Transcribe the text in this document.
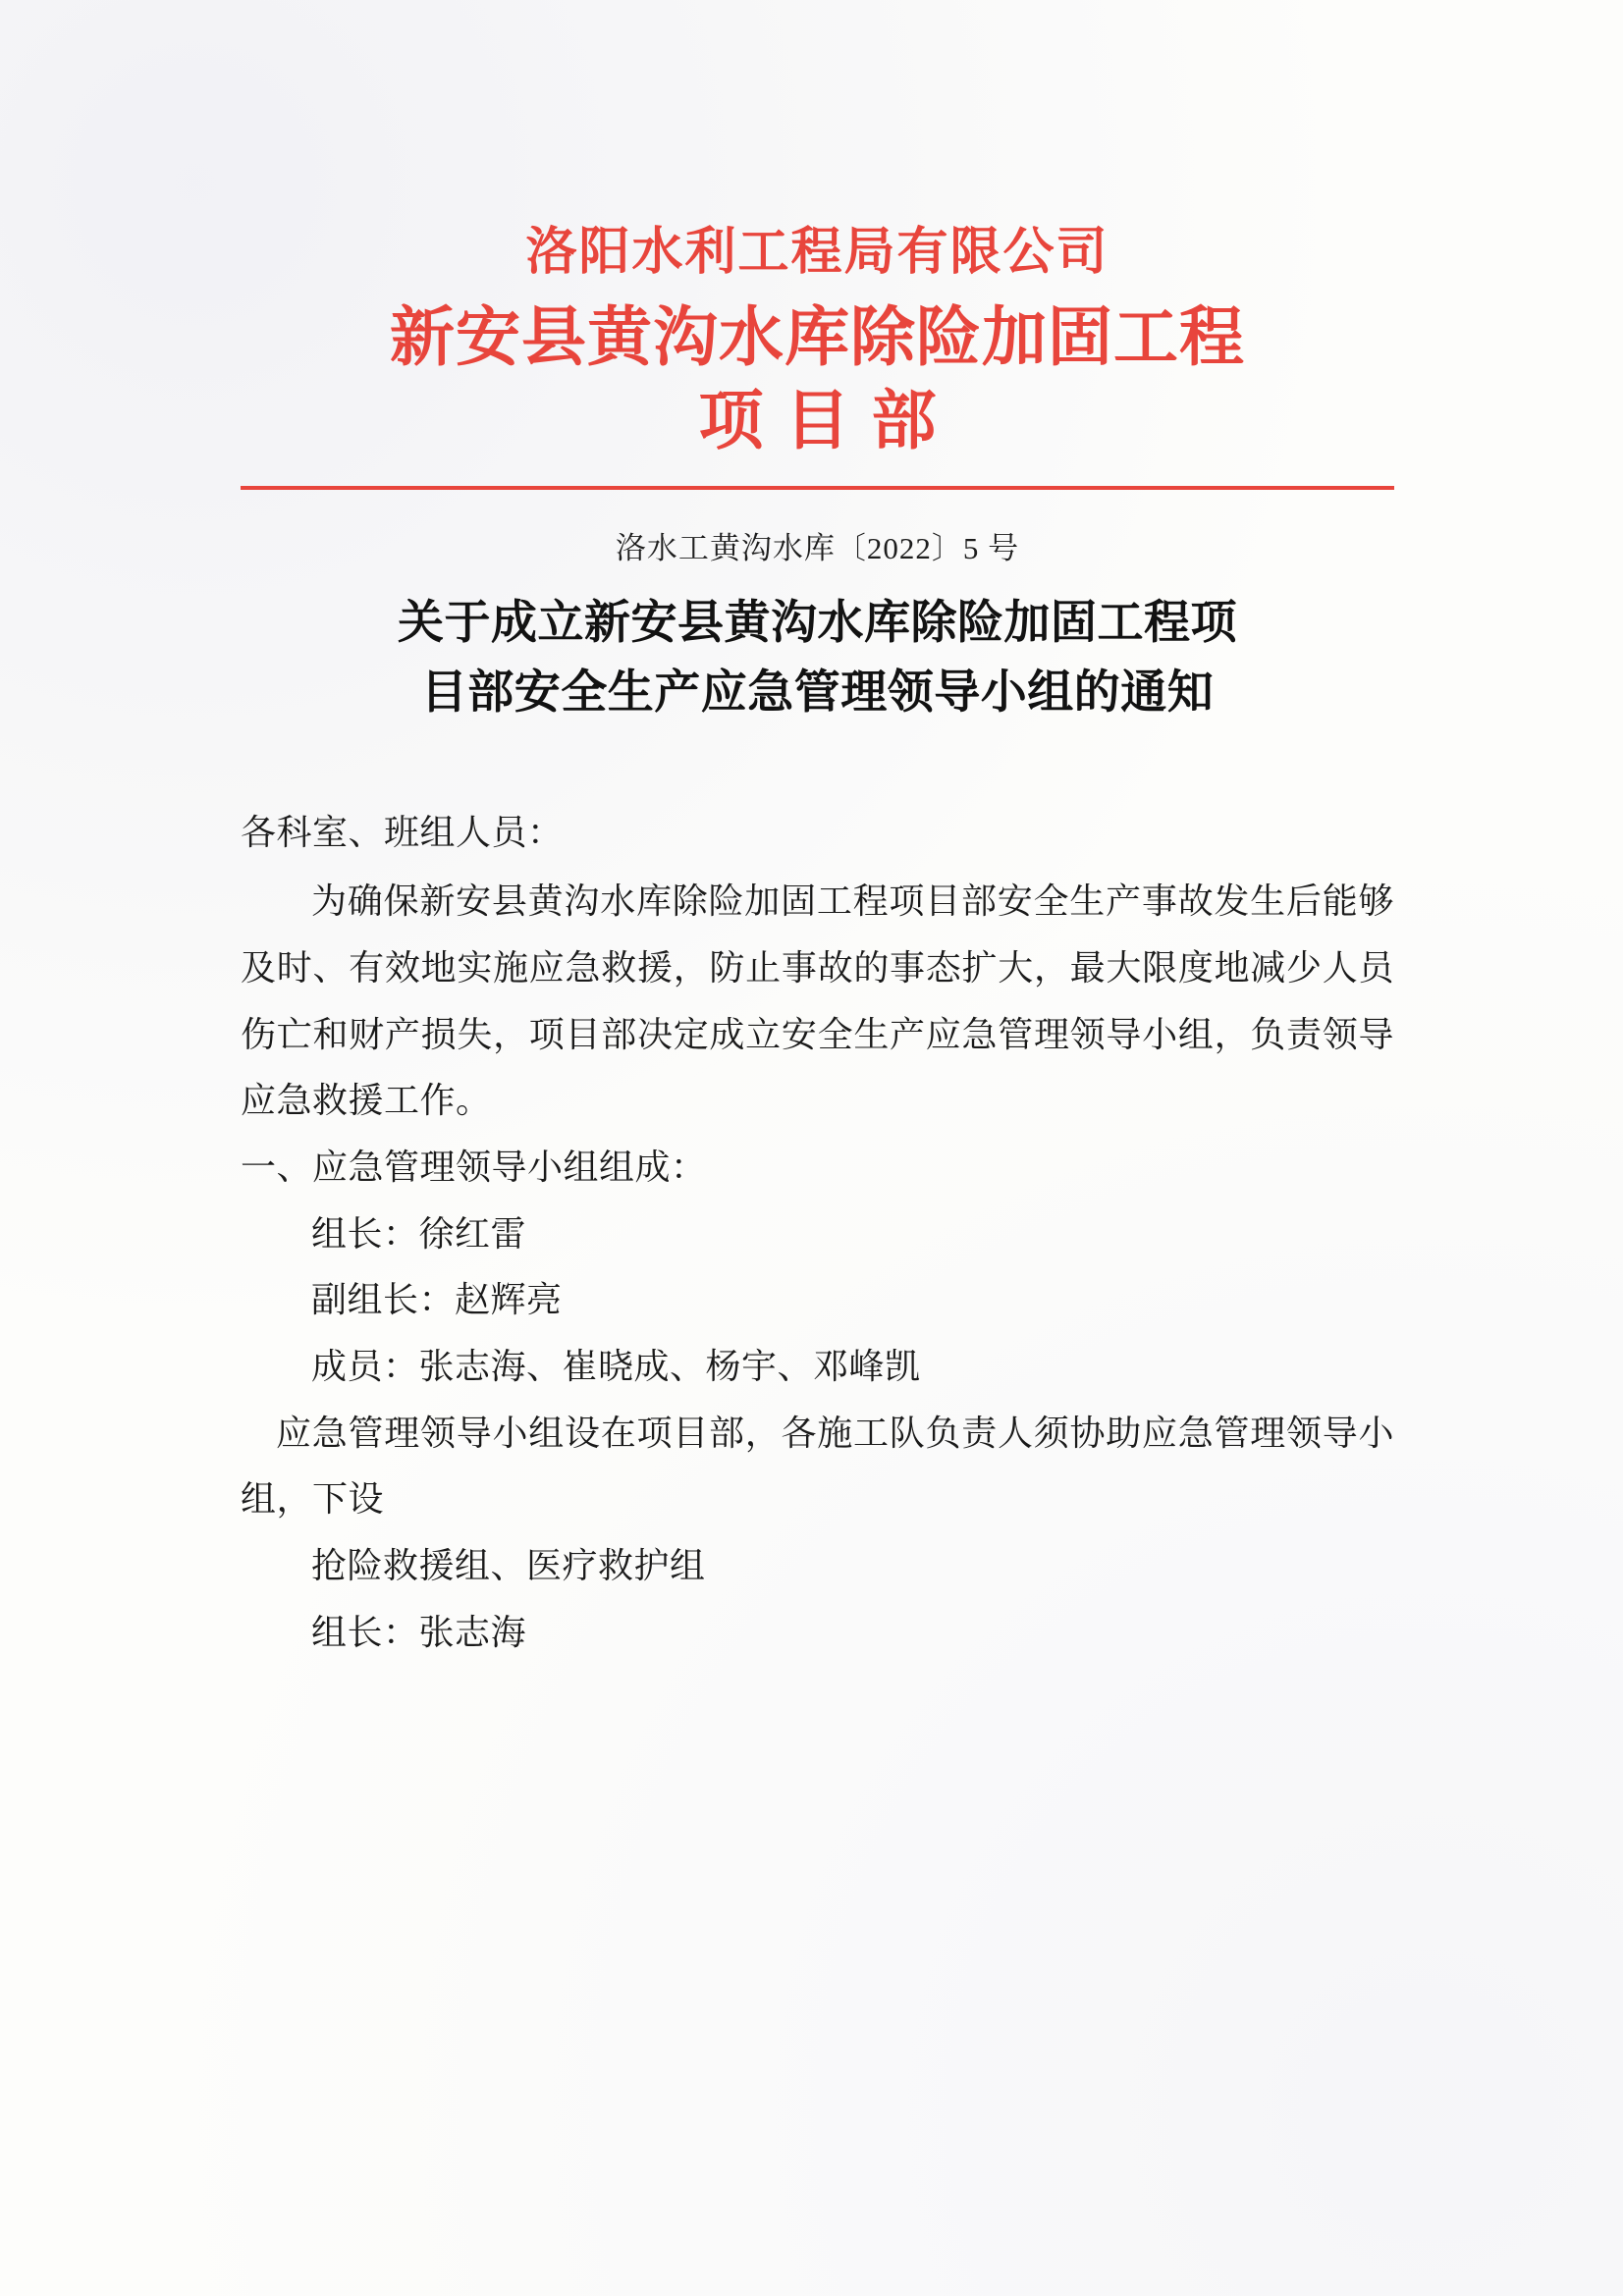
洛阳水利工程局有限公司
新安县黄沟水库除险加固工程
项目部
洛水工黄沟水库〔2022〕5 号
关于成立新安县黄沟水库除险加固工程项
目部安全生产应急管理领导小组的通知

各科室、班组人员：

为确保新安县黄沟水库除险加固工程项目部安全生产事故发生后能够及时、有效地实施应急救援，防止事故的事态扩大，最大限度地减少人员伤亡和财产损失，项目部决定成立安全生产应急管理领导小组，负责领导应急救援工作。

一、应急管理领导小组组成：

组长：徐红雷

副组长：赵辉亮

成员：张志海、崔晓成、杨宇、邓峰凯

应急管理领导小组设在项目部，各施工队负责人须协助应急管理领导小组，下设

抢险救援组、医疗救护组

组长：张志海
